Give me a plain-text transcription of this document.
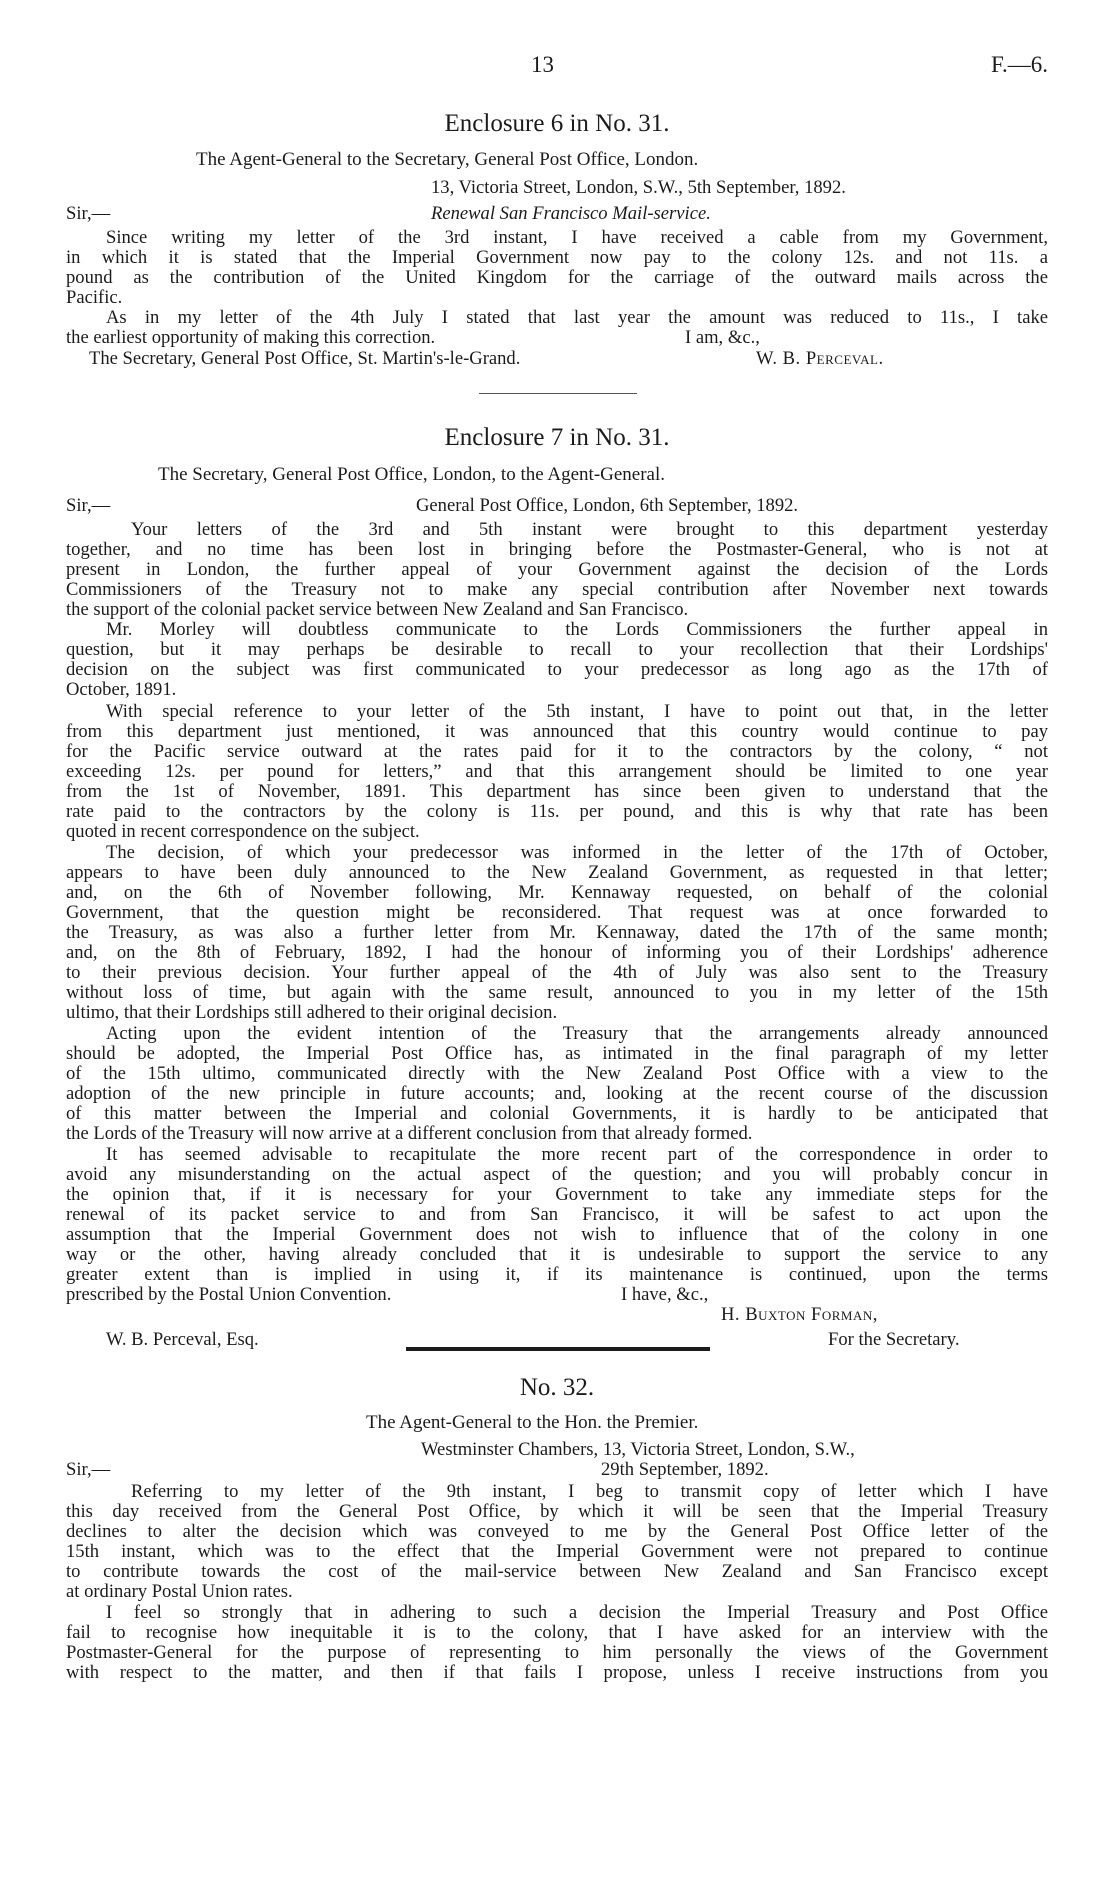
13	F.—6.
Enclosure 6 in No. 31.
The Agent-General to the Secretary, General Post Office, London.
13, Victoria Street, London, S.W., 5th September, 1892.
Sir,—	Renewal San Francisco Mail-service.
Since writing my letter of the 3rd instant, I have received a cable from my Government,
in which it is stated that the Imperial Government now pay to the colony 12s. and not 11s. a
pound as the contribution of the United Kingdom for the carriage of the outward mails across the
Pacific.
As in my letter of the 4th July I stated that last year the amount was reduced to 11s., I take
the earliest opportunity of making this correction.	I am, &c.,
The Secretary, General Post Office, St. Martin's-le-Grand.	W. B. Perceval.
Enclosure 7 in No. 31.
The Secretary, General Post Office, London, to the Agent-General.
Sir,—	General Post Office, London, 6th September, 1892.
Your letters of the 3rd and 5th instant were brought to this department yesterday
together, and no time has been lost in bringing before the Postmaster-General, who is not at
present in London, the further appeal of your Government against the decision of the Lords
Commissioners of the Treasury not to make any special contribution after November next towards
the support of the colonial packet service between New Zealand and San Francisco.
Mr. Morley will doubtless communicate to the Lords Commissioners the further appeal in
question, but it may perhaps be desirable to recall to your recollection that their Lordships'
decision on the subject was first communicated to your predecessor as long ago as the 17th of
October, 1891.
With special reference to your letter of the 5th instant, I have to point out that, in the letter
from this department just mentioned, it was announced that this country would continue to pay
for the Pacific service outward at the rates paid for it to the contractors by the colony, “ not
exceeding 12s. per pound for letters,” and that this arrangement should be limited to one year
from the 1st of November, 1891. This department has since been given to understand that the
rate paid to the contractors by the colony is 11s. per pound, and this is why that rate has been
quoted in recent correspondence on the subject.
The decision, of which your predecessor was informed in the letter of the 17th of October,
appears to have been duly announced to the New Zealand Government, as requested in that letter;
and, on the 6th of November following, Mr. Kennaway requested, on behalf of the colonial
Government, that the question might be reconsidered. That request was at once forwarded to
the Treasury, as was also a further letter from Mr. Kennaway, dated the 17th of the same month;
and, on the 8th of February, 1892, I had the honour of informing you of their Lordships' adherence
to their previous decision. Your further appeal of the 4th of July was also sent to the Treasury
without loss of time, but again with the same result, announced to you in my letter of the 15th
ultimo, that their Lordships still adhered to their original decision.
Acting upon the evident intention of the Treasury that the arrangements already announced
should be adopted, the Imperial Post Office has, as intimated in the final paragraph of my letter
of the 15th ultimo, communicated directly with the New Zealand Post Office with a view to the
adoption of the new principle in future accounts; and, looking at the recent course of the discussion
of this matter between the Imperial and colonial Governments, it is hardly to be anticipated that
the Lords of the Treasury will now arrive at a different conclusion from that already formed.
It has seemed advisable to recapitulate the more recent part of the correspondence in order to
avoid any misunderstanding on the actual aspect of the question; and you will probably concur in
the opinion that, if it is necessary for your Government to take any immediate steps for the
renewal of its packet service to and from San Francisco, it will be safest to act upon the
assumption that the Imperial Government does not wish to influence that of the colony in one
way or the other, having already concluded that it is undesirable to support the service to any
greater extent than is implied in using it, if its maintenance is continued, upon the terms
prescribed by the Postal Union Convention.	I have, &c.,
H. Buxton Forman,
W. B. Perceval, Esq.	For the Secretary.
No. 32.
The Agent-General to the Hon. the Premier.
Westminster Chambers, 13, Victoria Street, London, S.W.,
Sir,—	29th September, 1892.
Referring to my letter of the 9th instant, I beg to transmit copy of letter which I have
this day received from the General Post Office, by which it will be seen that the Imperial Treasury
declines to alter the decision which was conveyed to me by the General Post Office letter of the
15th instant, which was to the effect that the Imperial Government were not prepared to continue
to contribute towards the cost of the mail-service between New Zealand and San Francisco except
at ordinary Postal Union rates.
I feel so strongly that in adhering to such a decision the Imperial Treasury and Post Office
fail to recognise how inequitable it is to the colony, that I have asked for an interview with the
Postmaster-General for the purpose of representing to him personally the views of the Government
with respect to the matter, and then if that fails I propose, unless I receive instructions from you
